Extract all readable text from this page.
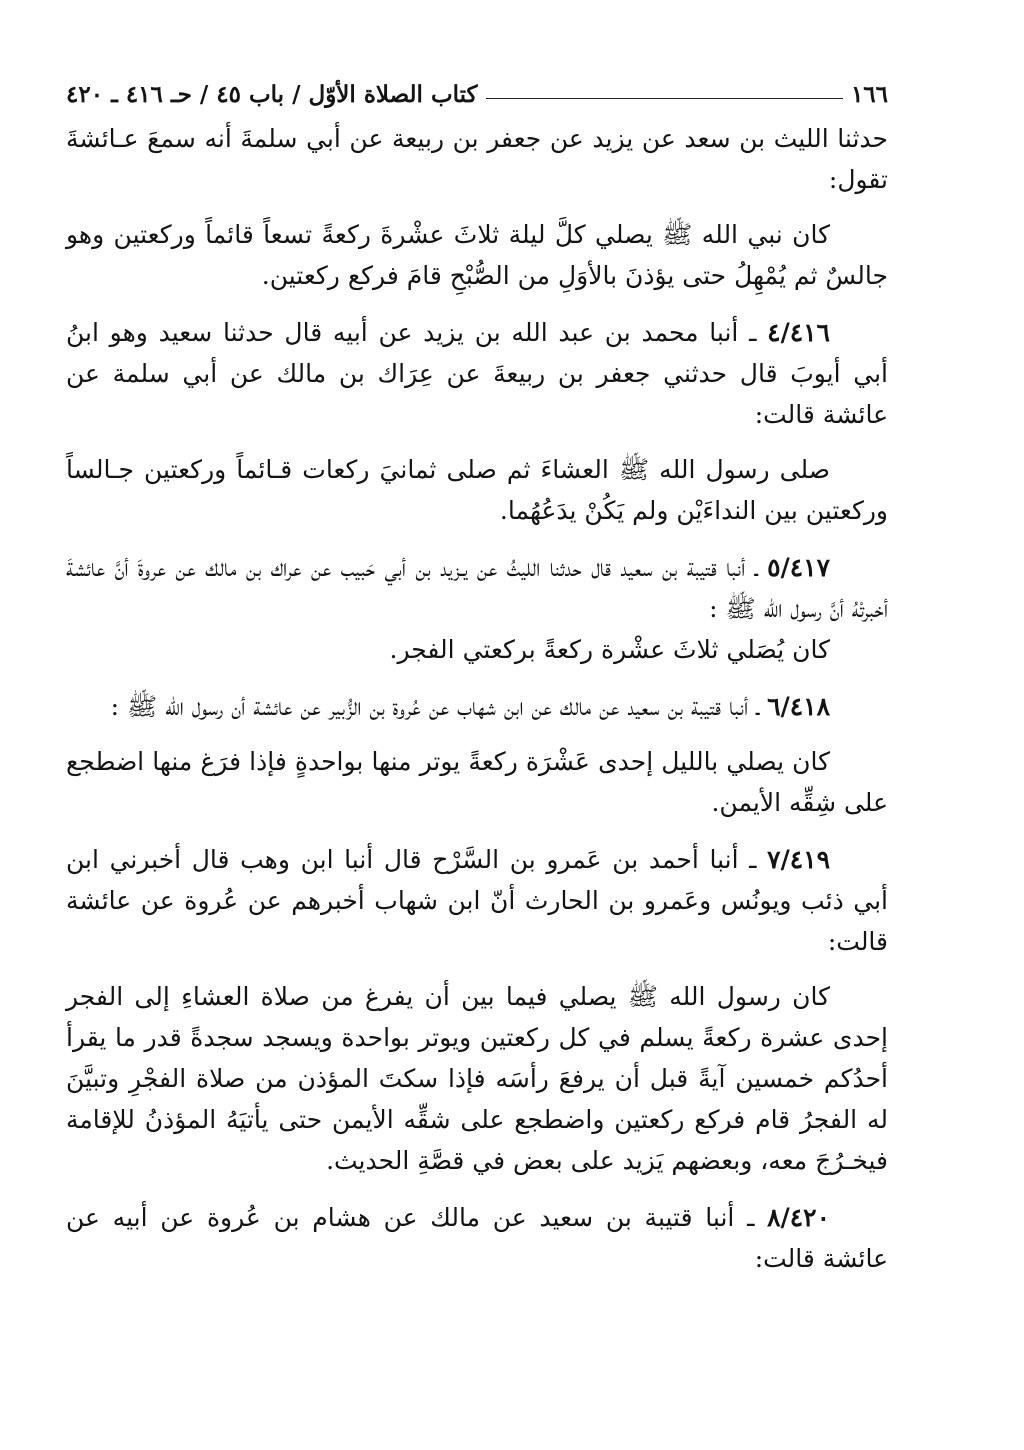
١٦٦
كتاب الصلاة الأوّل / باب ٤٥ / حـ ٤١٦ ـ ٤٢٠

حدثنا الليث بن سعد عن يزيد عن جعفر بن ربيعة عن أبي سلمةَ أنه سمعَ عـائشةَ تقول:

كان نبي الله ﷺ يصلي كلَّ ليلة ثلاثَ عشْرةَ ركعةً تسعاً قائماً وركعتين وهو جالسٌ ثم يُمْهِلُ حتى يؤذنَ بالأوَلِ من الصُّبْحِ قامَ فركع ركعتين.

٤/٤١٦ ـ أنبا محمد بن عبد الله بن يزيد عن أبيه قال حدثنا سعيد وهو ابنُ أبي أيوبَ قال حدثني جعفر بن ربيعةَ عن عِرَاك بن مالك عن أبي سلمة عن عائشة قالت:

صلى رسول الله ﷺ العشاءَ ثم صلى ثمانيَ ركعات قـائماً وركعتين جـالساً وركعتين بين النداءَيْن ولم يَكُنْ يدَعُهُما.

٥/٤١٧ ـ أنبا قتيبة بن سعيد قال حدثنا الليثُ عن يـزيد بن أبي حَبيب عن عراك بن مالك عن عروةَ أنَّ عائشةَ أخبرتْهُ أنَّ رسول الله ﷺ :

كان يُصَلي ثلاثَ عشْرة ركعةً بركعتي الفجر.

٦/٤١٨ ـ أنبا قتيبة بن سعيد عن مالك عن ابن شهاب عن عُروة بن الزُّبير عن عائشة أن رسول الله ﷺ :

كان يصلي بالليل إحدى عَشْرَة ركعةً يوتر منها بواحدةٍ فإذا فرَغ منها اضطجع على شِقِّه الأيمن.

٧/٤١٩ ـ أنبا أحمد بن عَمرو بن السَّرْح قال أنبا ابن وهب قال أخبرني ابن أبي ذئب ويونُس وعَمرو بن الحارث أنّ ابن شهاب أخبرهم عن عُروة عن عائشة قالت:

كان رسول الله ﷺ يصلي فيما بين أن يفرغ من صلاة العشاءِ إلى الفجر إحدى عشرة ركعةً يسلم في كل ركعتين ويوتر بواحدة ويسجد سجدةً قدر ما يقرأ أحدُكم خمسين آيةً قبل أن يرفعَ رأسَه فإذا سكتَ المؤذن من صلاة الفجْرِ وتبيَّنَ له الفجرُ قام فركع ركعتين واضطجع على شقِّه الأيمن حتى يأتيَهُ المؤذنُ للإقامة فيخـرُجَ معه، وبعضهم يَزيد على بعض في قصَّةِ الحديث.

٨/٤٢٠ ـ أنبا قتيبة بن سعيد عن مالك عن هشام بن عُروة عن أبيه عن عائشة قالت:
